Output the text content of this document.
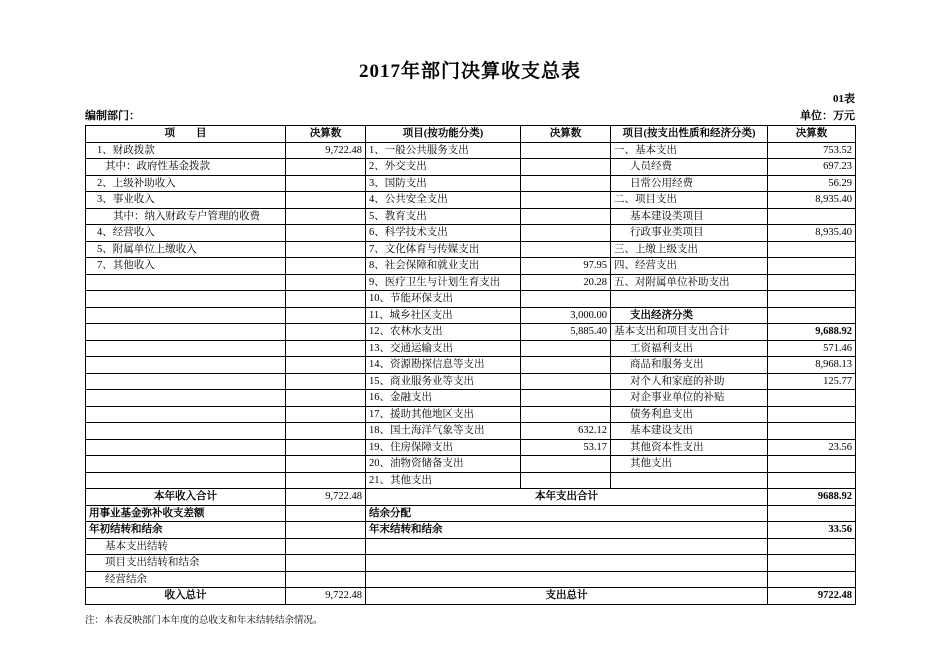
2017年部门决算收支总表
01表
编制部门：	单位：万元
项　　目	决算数	项目(按功能分类)	决算数	项目(按支出性质和经济分类)	决算数
1、财政拨款	9,722.48	1、一般公共服务支出		一、基本支出	753.52
其中：政府性基金拨款		2、外交支出		人员经费	697.23
2、上级补助收入		3、国防支出		日常公用经费	56.29
3、事业收入		4、公共安全支出		二、项目支出	8,935.40
其中：纳入财政专户管理的收费		5、教育支出		基本建设类项目	
4、经营收入		6、科学技术支出		行政事业类项目	8,935.40
5、附属单位上缴收入		7、文化体育与传媒支出		三、上缴上级支出	
7、其他收入		8、社会保障和就业支出	97.95	四、经营支出	
		9、医疗卫生与计划生育支出	20.28	五、对附属单位补助支出	
		10、节能环保支出			
		11、城乡社区支出	3,000.00	支出经济分类	
		12、农林水支出	5,885.40	基本支出和项目支出合计	9,688.92
		13、交通运输支出		工资福利支出	571.46
		14、资源勘探信息等支出		商品和服务支出	8,968.13
		15、商业服务业等支出		对个人和家庭的补助	125.77
		16、金融支出		对企事业单位的补贴	
		17、援助其他地区支出		债务利息支出	
		18、国土海洋气象等支出	632.12	基本建设支出	
		19、住房保障支出	53.17	其他资本性支出	23.56
		20、油物资储备支出		其他支出	
		21、其他支出			
本年收入合计	9,722.48	本年支出合计			9688.92
用事业基金弥补收支差额		结余分配			
年初结转和结余		年末结转和结余			33.56
基本支出结转					
项目支出结转和结余					
经营结余					
收入总计	9,722.48	支出总计			9722.48
注：本表反映部门本年度的总收支和年末结转结余情况。
